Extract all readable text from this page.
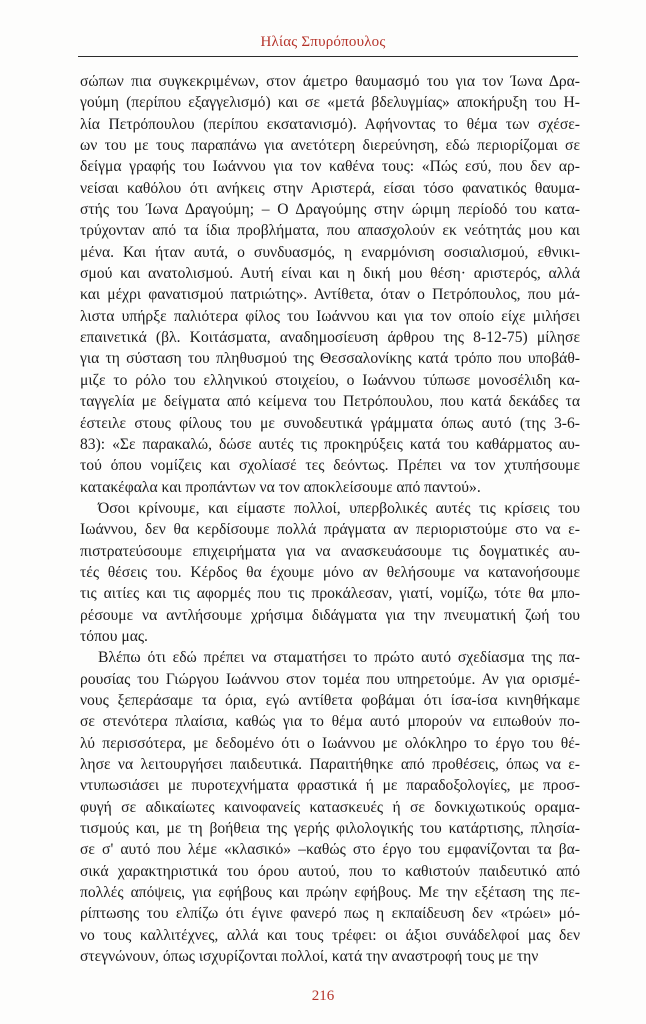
Ηλίας Σπυρόπουλος
σώπων πια συγκεκριμένων, στον άμετρο θαυμασμό του για τον Ίωνα Δρα-
γούμη (περίπου εξαγγελισμό) και σε «μετά βδελυγμίας» αποκήρυξη του Η-
λία Πετρόπουλου (περίπου εκσατανισμό). Αφήνοντας το θέμα των σχέσε-
ων του με τους παραπάνω για ανετότερη διερεύνηση, εδώ περιορίζομαι σε
δείγμα γραφής του Ιωάννου για τον καθένα τους: «Πώς εσύ, που δεν αρ-
νείσαι καθόλου ότι ανήκεις στην Αριστερά, είσαι τόσο φανατικός θαυμα-
στής του Ίωνα Δραγούμη; – Ο Δραγούμης στην ώριμη περίοδό του κατα-
τρύχονταν από τα ίδια προβλήματα, που απασχολούν εκ νεότητάς μου και
μένα. Και ήταν αυτά, ο συνδυασμός, η εναρμόνιση σοσιαλισμού, εθνικι-
σμού και ανατολισμού. Αυτή είναι και η δική μου θέση· αριστερός, αλλά
και μέχρι φανατισμού πατριώτης». Αντίθετα, όταν ο Πετρόπουλος, που μά-
λιστα υπήρξε παλιότερα φίλος του Ιωάννου και για τον οποίο είχε μιλήσει
επαινετικά (βλ. Κοιτάσματα, αναδημοσίευση άρθρου της 8-12-75) μίλησε
για τη σύσταση του πληθυσμού της Θεσσαλονίκης κατά τρόπο που υποβάθ-
μιζε το ρόλο του ελληνικού στοιχείου, ο Ιωάννου τύπωσε μονοσέλιδη κα-
ταγγελία με δείγματα από κείμενα του Πετρόπουλου, που κατά δεκάδες τα
έστειλε στους φίλους του με συνοδευτικά γράμματα όπως αυτό (της 3-6-
83): «Σε παρακαλώ, δώσε αυτές τις προκηρύξεις κατά του καθάρματος αυ-
τού όπου νομίζεις και σχολίασέ τες δεόντως. Πρέπει να τον χτυπήσουμε
κατακέφαλα και προπάντων να τον αποκλείσουμε από παντού».
Όσοι κρίνουμε, και είμαστε πολλοί, υπερβολικές αυτές τις κρίσεις του
Ιωάννου, δεν θα κερδίσουμε πολλά πράγματα αν περιοριστούμε στο να ε-
πιστρατεύσουμε επιχειρήματα για να ανασκευάσουμε τις δογματικές αυ-
τές θέσεις του. Κέρδος θα έχουμε μόνο αν θελήσουμε να κατανοήσουμε
τις αιτίες και τις αφορμές που τις προκάλεσαν, γιατί, νομίζω, τότε θα μπο-
ρέσουμε να αντλήσουμε χρήσιμα διδάγματα για την πνευματική ζωή του
τόπου μας.
Βλέπω ότι εδώ πρέπει να σταματήσει το πρώτο αυτό σχεδίασμα της πα-
ρουσίας του Γιώργου Ιωάννου στον τομέα που υπηρετούμε. Αν για ορισμέ-
νους ξεπεράσαμε τα όρια, εγώ αντίθετα φοβάμαι ότι ίσα-ίσα κινηθήκαμε
σε στενότερα πλαίσια, καθώς για το θέμα αυτό μπορούν να ειπωθούν πο-
λύ περισσότερα, με δεδομένο ότι ο Ιωάννου με ολόκληρο το έργο του θέ-
λησε να λειτουργήσει παιδευτικά. Παραιτήθηκε από προθέσεις, όπως να ε-
ντυπωσιάσει με πυροτεχνήματα φραστικά ή με παραδοξολογίες, με προσ-
φυγή σε αδικαίωτες καινοφανείς κατασκευές ή σε δονκιχωτικούς οραμα-
τισμούς και, με τη βοήθεια της γερής φιλολογικής του κατάρτισης, πλησία-
σε σ' αυτό που λέμε «κλασικό» –καθώς στο έργο του εμφανίζονται τα βα-
σικά χαρακτηριστικά του όρου αυτού, που το καθιστούν παιδευτικό από
πολλές απόψεις, για εφήβους και πρώην εφήβους. Με την εξέταση της πε-
ρίπτωσης του ελπίζω ότι έγινε φανερό πως η εκπαίδευση δεν «τρώει» μό-
νο τους καλλιτέχνες, αλλά και τους τρέφει: οι άξιοι συνάδελφοί μας δεν
στεγνώνουν, όπως ισχυρίζονται πολλοί, κατά την αναστροφή τους με την
216
